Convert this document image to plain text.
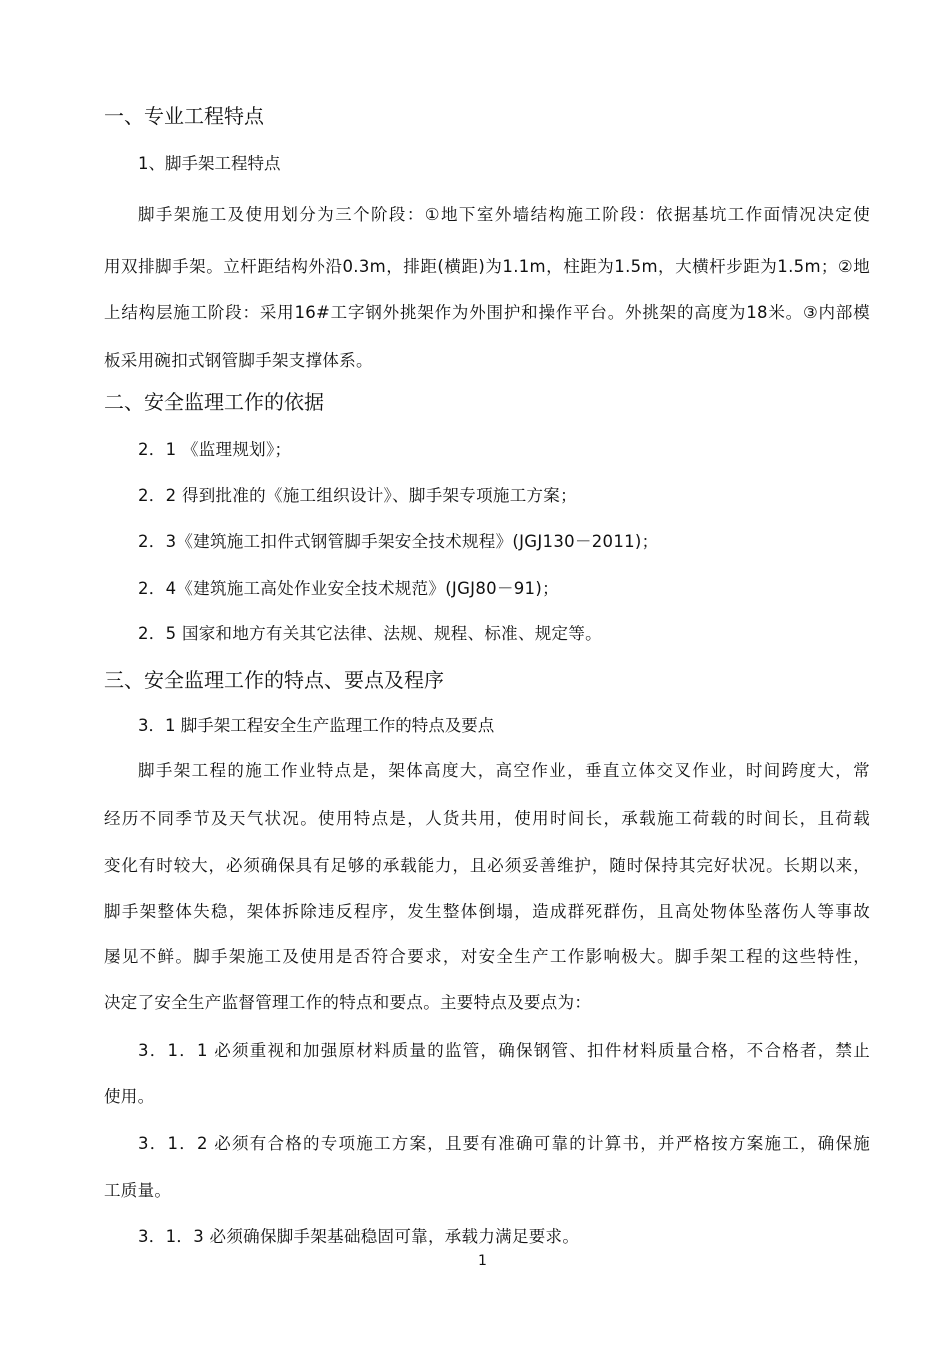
一、专业工程特点
1、脚手架工程特点
脚手架施工及使用划分为三个阶段：①地下室外墙结构施工阶段：依据基坑工作面情况决定使
用双排脚手架。立杆距结构外沿0.3m，排距(横距)为1.1m，柱距为1.5m，大横杆步距为1.5m；②地
上结构层施工阶段：采用16#工字钢外挑架作为外围护和操作平台。外挑架的高度为18米。③内部模
板采用碗扣式钢管脚手架支撑体系。
二、安全监理工作的依据
2．1 《监理规划》；
2．2 得到批准的《施工组织设计》、脚手架专项施工方案；
2．3《建筑施工扣件式钢管脚手架安全技术规程》(JGJ130－2011)；
2．4《建筑施工高处作业安全技术规范》(JGJ80－91)；
2．5 国家和地方有关其它法律、法规、规程、标准、规定等。
三、安全监理工作的特点、要点及程序
3．1 脚手架工程安全生产监理工作的特点及要点
脚手架工程的施工作业特点是，架体高度大，高空作业，垂直立体交叉作业，时间跨度大，常
经历不同季节及天气状况。使用特点是，人货共用，使用时间长，承载施工荷载的时间长，且荷载
变化有时较大，必须确保具有足够的承载能力，且必须妥善维护，随时保持其完好状况。长期以来，
脚手架整体失稳，架体拆除违反程序，发生整体倒塌，造成群死群伤，且高处物体坠落伤人等事故
屡见不鲜。脚手架施工及使用是否符合要求，对安全生产工作影响极大。脚手架工程的这些特性，
决定了安全生产监督管理工作的特点和要点。主要特点及要点为：
3．1．1 必须重视和加强原材料质量的监管，确保钢管、扣件材料质量合格，不合格者，禁止
使用。
3．1．2 必须有合格的专项施工方案，且要有准确可靠的计算书，并严格按方案施工，确保施
工质量。
3．1．3 必须确保脚手架基础稳固可靠，承载力满足要求。
1
